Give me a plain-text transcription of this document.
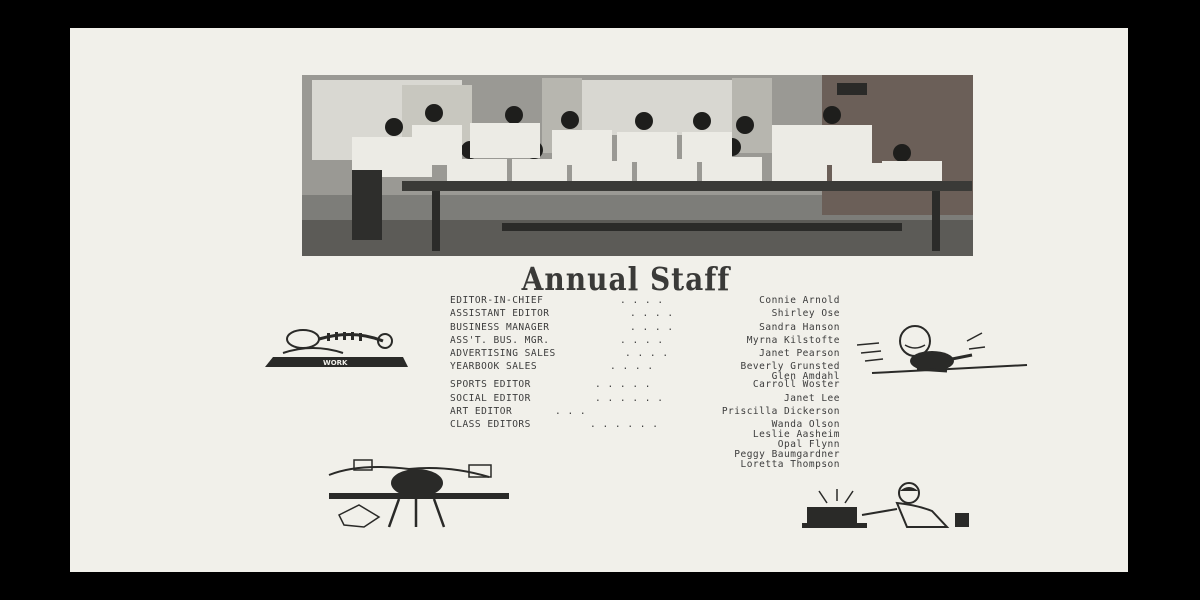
Annual Staff
EDITOR-IN-CHIEF	. . . .	Connie Arnold
ASSISTANT EDITOR	. . . .	Shirley Ose
BUSINESS MANAGER	. . . .	Sandra Hanson
ASS'T. BUS. MGR.	. . . .	Myrna Kilstofte
ADVERTISING SALES	. . . .	Janet Pearson
YEARBOOK SALES	. . . .	Beverly Grunsted
Glen Amdahl
SPORTS EDITOR	. . . . .	Carroll Woster
SOCIAL EDITOR	. . . . . .	Janet Lee
ART EDITOR	. . .	Priscilla Dickerson
CLASS EDITORS	. . . . . .	Wanda Olson
Leslie Aasheim
Opal Flynn
Peggy Baumgardner
Loretta Thompson
WORK
